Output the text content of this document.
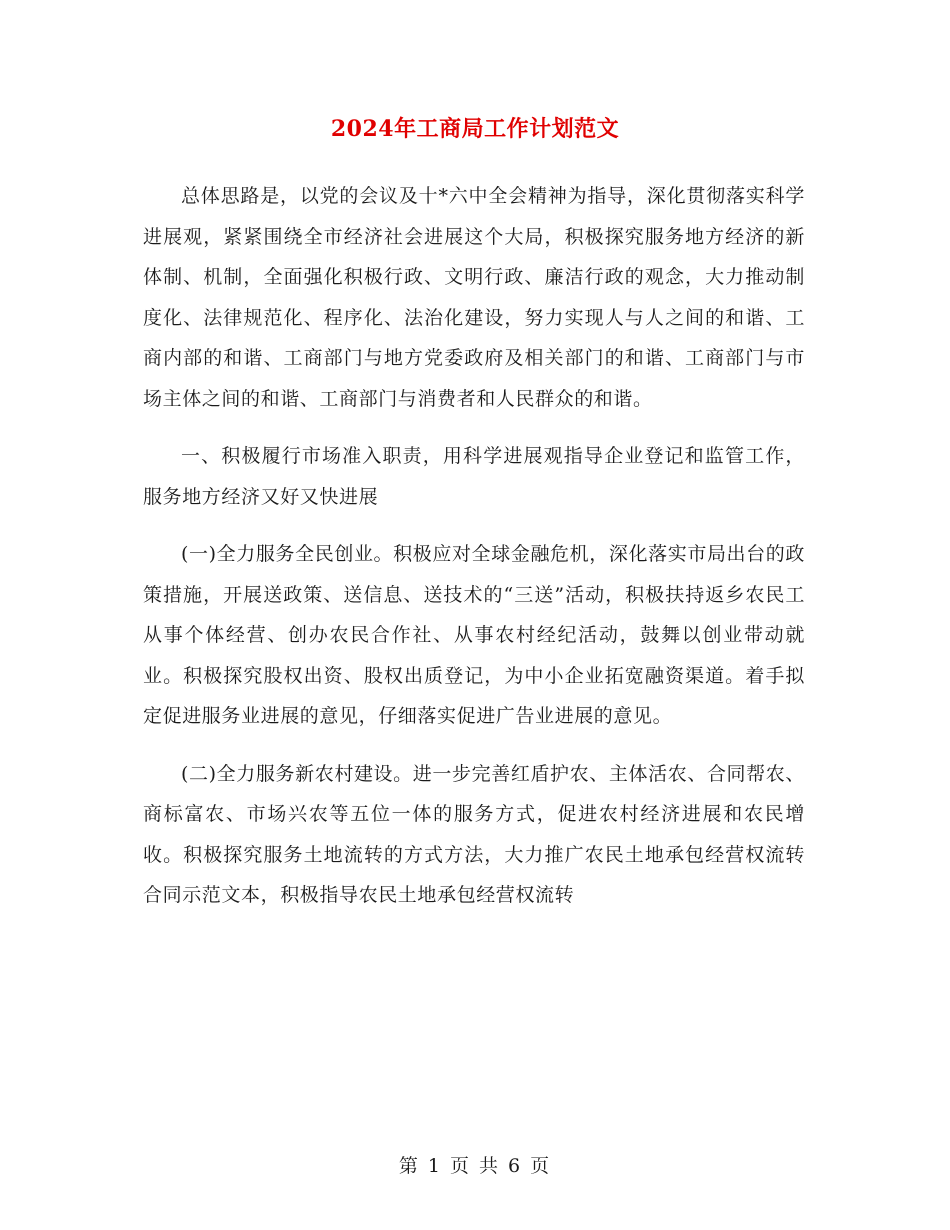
2024年工商局工作计划范文

总体思路是，以党的会议及十*六中全会精神为指导，深化贯彻落实科学进展观，紧紧围绕全市经济社会进展这个大局，积极探究服务地方经济的新体制、机制，全面强化积极行政、文明行政、廉洁行政的观念，大力推动制度化、法律规范化、程序化、法治化建设，努力实现人与人之间的和谐、工商内部的和谐、工商部门与地方党委政府及相关部门的和谐、工商部门与市场主体之间的和谐、工商部门与消费者和人民群众的和谐。

一、积极履行市场准入职责，用科学进展观指导企业登记和监管工作，服务地方经济又好又快进展

(一)全力服务全民创业。积极应对全球金融危机，深化落实市局出台的政策措施，开展送政策、送信息、送技术的“三送”活动，积极扶持返乡农民工从事个体经营、创办农民合作社、从事农村经纪活动，鼓舞以创业带动就业。积极探究股权出资、股权出质登记，为中小企业拓宽融资渠道。着手拟定促进服务业进展的意见，仔细落实促进广告业进展的意见。

(二)全力服务新农村建设。进一步完善红盾护农、主体活农、合同帮农、商标富农、市场兴农等五位一体的服务方式，促进农村经济进展和农民增收。积极探究服务土地流转的方式方法，大力推广农民土地承包经营权流转合同示范文本，积极指导农民土地承包经营权流转

第 1 页 共 6 页
